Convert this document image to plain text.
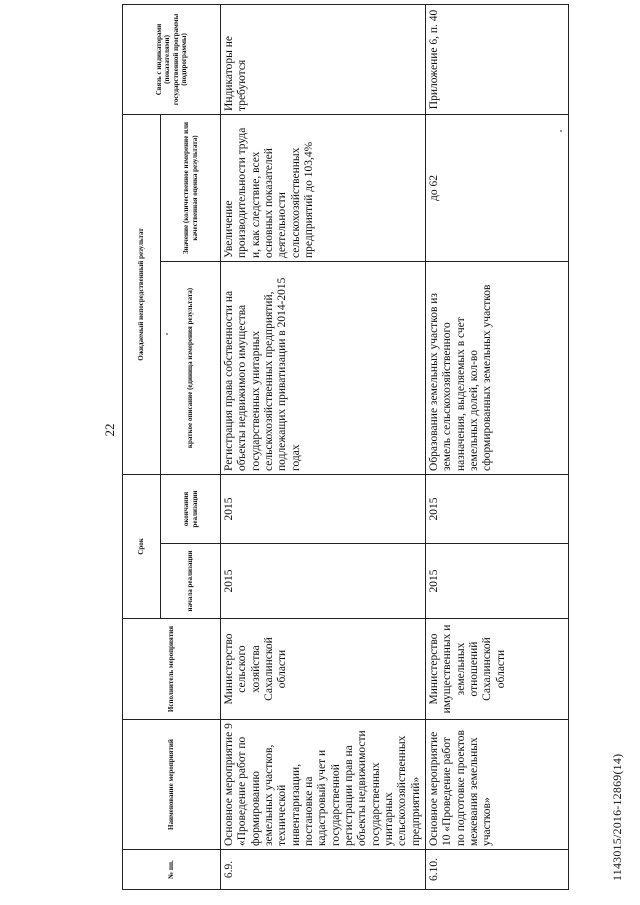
22
№ пп.	Наименование мероприятий	Исполнитель мероприятия	Срок		Ожидаемый непосредственный результат		Связь с индикаторами (показателями) государственной программы (подпрограммы)
			начала реализации	окончания реализации	краткое описание (единица измерения результата)	Значение (количественное измерение или качественная оценка результата)	
6.9.	Основное мероприятие 9 «Проведение работ по формированию земельных участков, технической инвентаризации, постановке на кадастровый учет и государственной регистрации прав на объекты недвижимости государственных унитарных сельскохозяйственных предприятий»	Министерство сельского хозяйства Сахалинской области	2015	2015	Регистрация права собственности на объекты недвижимого имущества государственных унитарных сельскохозяйственных предприятий, подлежащих приватизации в 2014-2015 годах	Увеличение производительности труда и, как следствие, всех основных показателей деятельности сельскохозяйственных предприятий до 103,4%	Индикаторы не требуются
6.10.	Основное мероприятие 10 «Проведение работ по подготовке проектов межевания земельных участков»	Министерство имущественных и земельных отношений Сахалинской области	2015	2015	Образование земельных участков из земель сельскохозяйственного назначения, выделяемых в счет земельных долей, кол-во сформированных земельных участков	до 62	Приложение 6, п. 40
1143015/2016-12869(14)
